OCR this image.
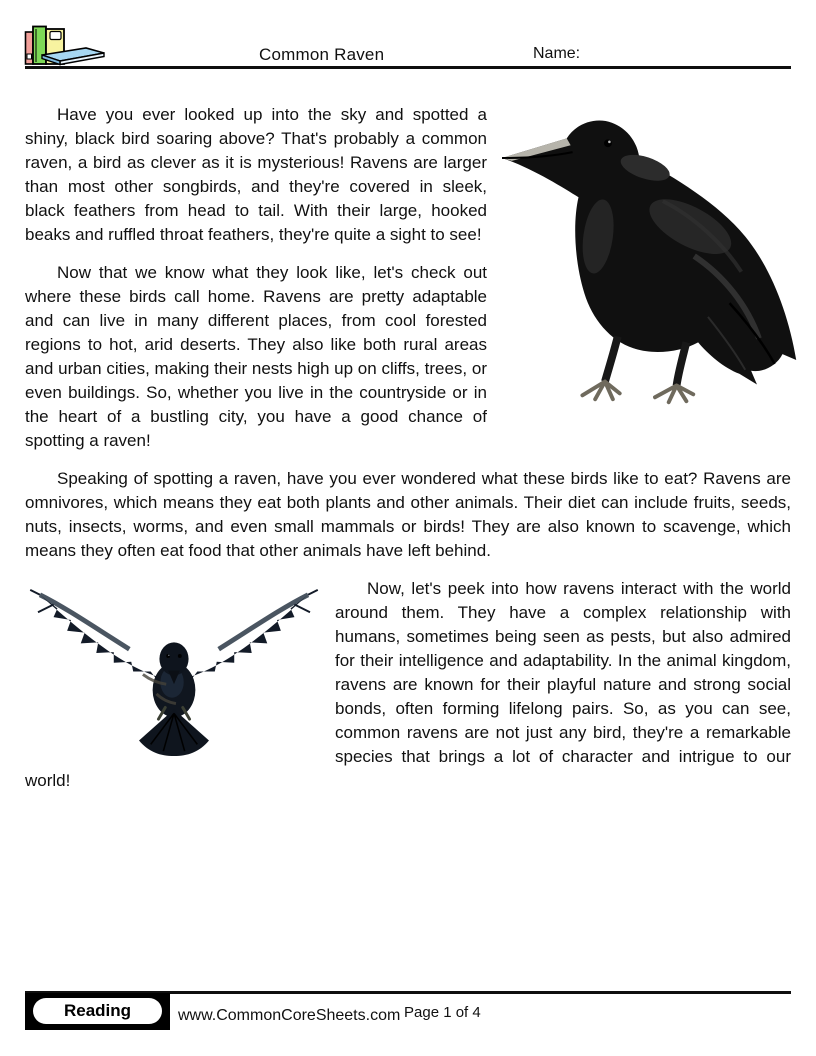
Common Raven	Name:

Have you ever looked up into the sky and spotted a shiny, black bird soaring above? That's probably a common raven, a bird as clever as it is mysterious! Ravens are larger than most other songbirds, and they're covered in sleek, black feathers from head to tail. With their large, hooked beaks and ruffled throat feathers, they're quite a sight to see!

Now that we know what they look like, let's check out where these birds call home. Ravens are pretty adaptable and can live in many different places, from cool forested regions to hot, arid deserts. They also like both rural areas and urban cities, making their nests high up on cliffs, trees, or even buildings. So, whether you live in the countryside or in the heart of a bustling city, you have a good chance of spotting a raven!

Speaking of spotting a raven, have you ever wondered what these birds like to eat? Ravens are omnivores, which means they eat both plants and other animals. Their diet can include fruits, seeds, nuts, insects, worms, and even small mammals or birds! They are also known to scavenge, which means they often eat food that other animals have left behind.

Now, let's peek into how ravens interact with the world around them. They have a complex relationship with humans, sometimes being seen as pests, but also admired for their intelligence and adaptability. In the animal kingdom, ravens are known for their playful nature and strong social bonds, often forming lifelong pairs. So, as you can see, common ravens are not just any bird, they're a remarkable species that brings a lot of character and intrigue to our world!

Reading	www.CommonCoreSheets.com Page 1 of 4
